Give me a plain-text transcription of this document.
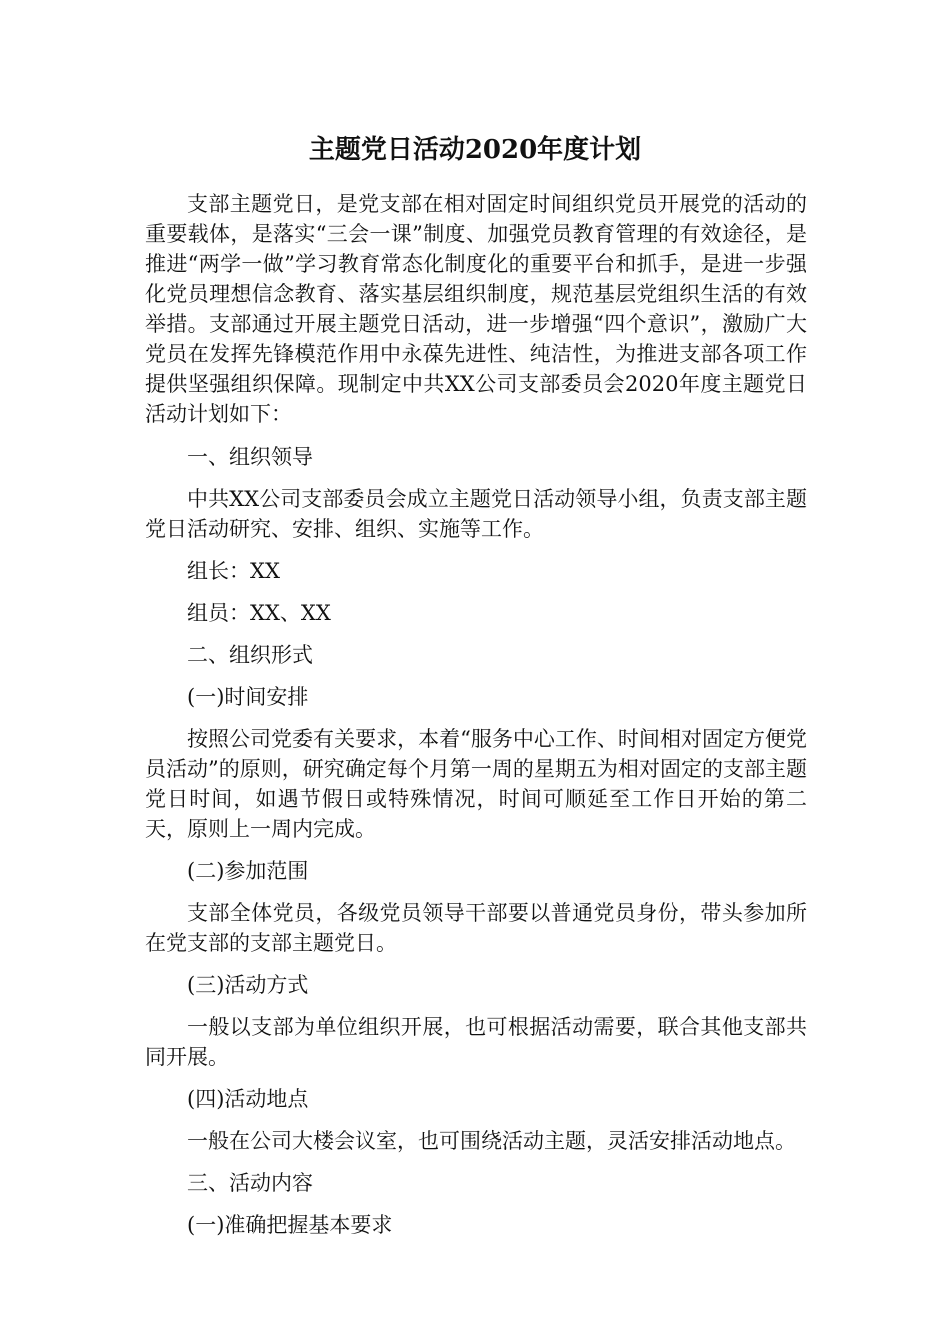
主题党日活动2020年度计划

支部主题党日，是党支部在相对固定时间组织党员开展党的活动的重要载体，是落实“三会一课”制度、加强党员教育管理的有效途径，是推进“两学一做”学习教育常态化制度化的重要平台和抓手，是进一步强化党员理想信念教育、落实基层组织制度，规范基层党组织生活的有效举措。支部通过开展主题党日活动，进一步增强“四个意识”，激励广大党员在发挥先锋模范作用中永葆先进性、纯洁性，为推进支部各项工作提供坚强组织保障。现制定中共XX公司支部委员会2020年度主题党日活动计划如下：

一、组织领导

中共XX公司支部委员会成立主题党日活动领导小组，负责支部主题党日活动研究、安排、组织、实施等工作。

组长：XX

组员：XX、XX

二、组织形式

(一)时间安排

按照公司党委有关要求，本着“服务中心工作、时间相对固定方便党员活动”的原则，研究确定每个月第一周的星期五为相对固定的支部主题党日时间，如遇节假日或特殊情况，时间可顺延至工作日开始的第二天，原则上一周内完成。

(二)参加范围

支部全体党员，各级党员领导干部要以普通党员身份，带头参加所在党支部的支部主题党日。

(三)活动方式

一般以支部为单位组织开展，也可根据活动需要，联合其他支部共同开展。

(四)活动地点

一般在公司大楼会议室，也可围绕活动主题，灵活安排活动地点。

三、活动内容

(一)准确把握基本要求
